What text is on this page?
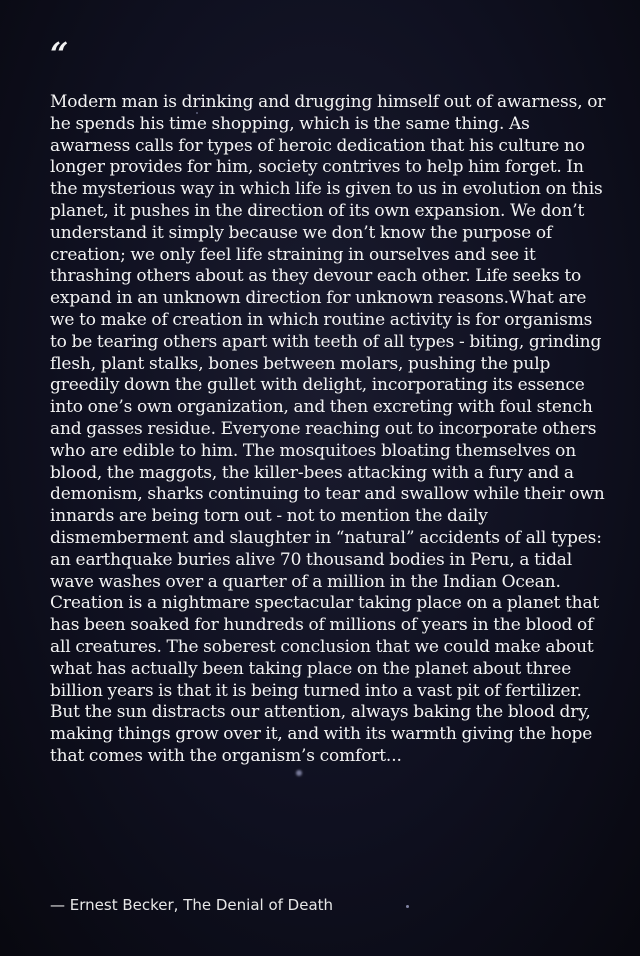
“

Modern man is drinking and drugging himself out of awarness, or he spends his time shopping, which is the same thing. As awarness calls for types of heroic dedication that his culture no longer provides for him, society contrives to help him forget. In the mysterious way in which life is given to us in evolution on this planet, it pushes in the direction of its own expansion. We don’t understand it simply because we don’t know the purpose of creation; we only feel life straining in ourselves and see it thrashing others about as they devour each other. Life seeks to expand in an unknown direction for unknown reasons.What are we to make of creation in which routine activity is for organisms to be tearing others apart with teeth of all types - biting, grinding flesh, plant stalks, bones between molars, pushing the pulp greedily down the gullet with delight, incorporating its essence into one’s own organization, and then excreting with foul stench and gasses residue. Everyone reaching out to incorporate others who are edible to him. The mosquitoes bloating themselves on blood, the maggots, the killer-bees attacking with a fury and a demonism, sharks continuing to tear and swallow while their own innards are being torn out - not to mention the daily dismemberment and slaughter in “natural” accidents of all types: an earthquake buries alive 70 thousand bodies in Peru, a tidal wave washes over a quarter of a million in the Indian Ocean. Creation is a nightmare spectacular taking place on a planet that has been soaked for hundreds of millions of years in the blood of all creatures. The soberest conclusion that we could make about what has actually been taking place on the planet about three billion years is that it is being turned into a vast pit of fertilizer. But the sun distracts our attention, always baking the blood dry, making things grow over it, and with its warmth giving the hope that comes with the organism’s comfort...

— Ernest Becker, The Denial of Death
